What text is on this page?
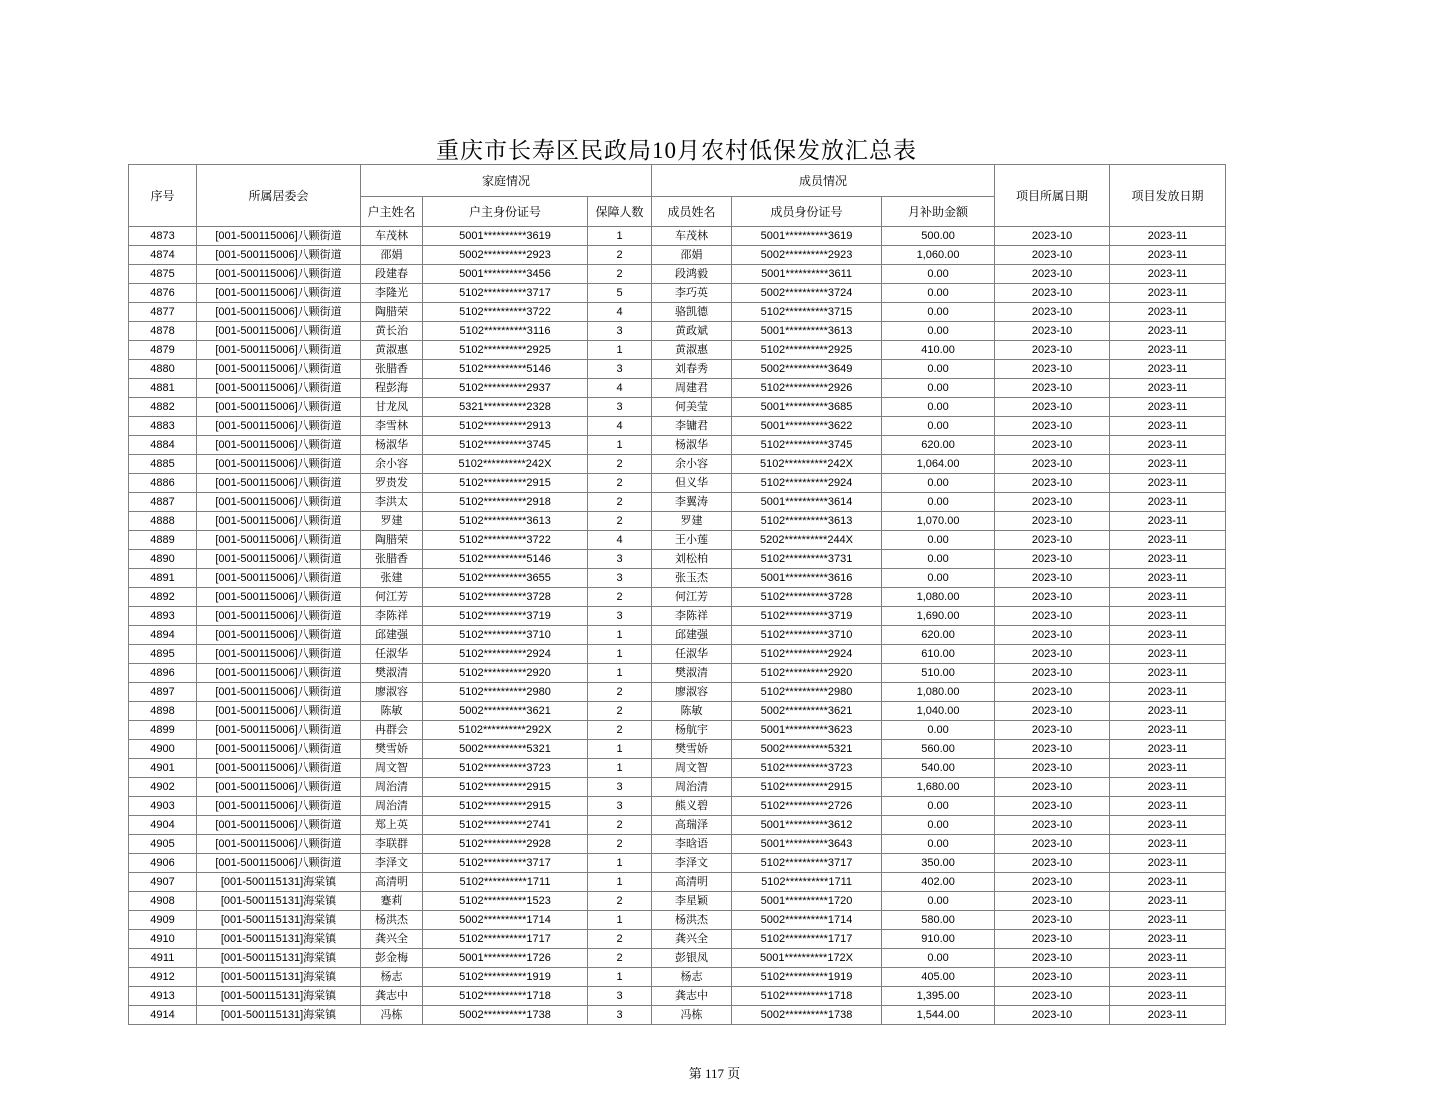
重庆市长寿区民政局10月农村低保发放汇总表
序号	所属居委会	家庭情况			成员情况			项目所属日期	项目发放日期
		户主姓名	户主身份证号	保障人数	成员姓名	成员身份证号	月补助金额		
4873	[001-500115006]八颗街道	车茂林	5001**********3619	1	车茂林	5001**********3619	500.00	2023-10	2023-11
4874	[001-500115006]八颗街道	邵娟	5002**********2923	2	邵娟	5002**********2923	1,060.00	2023-10	2023-11
4875	[001-500115006]八颗街道	段建春	5001**********3456	2	段鸿毅	5001**********3611	0.00	2023-10	2023-11
4876	[001-500115006]八颗街道	李隆光	5102**********3717	5	李巧英	5002**********3724	0.00	2023-10	2023-11
4877	[001-500115006]八颗街道	陶腊荣	5102**********3722	4	骆凯德	5102**********3715	0.00	2023-10	2023-11
4878	[001-500115006]八颗街道	黄长治	5102**********3116	3	黄政斌	5001**********3613	0.00	2023-10	2023-11
4879	[001-500115006]八颗街道	黄淑惠	5102**********2925	1	黄淑惠	5102**********2925	410.00	2023-10	2023-11
4880	[001-500115006]八颗街道	张腊香	5102**********5146	3	刘春秀	5002**********3649	0.00	2023-10	2023-11
4881	[001-500115006]八颗街道	程彭海	5102**********2937	4	周建君	5102**********2926	0.00	2023-10	2023-11
4882	[001-500115006]八颗街道	甘龙凤	5321**********2328	3	何美莹	5001**********3685	0.00	2023-10	2023-11
4883	[001-500115006]八颗街道	李雪林	5102**********2913	4	李镛君	5001**********3622	0.00	2023-10	2023-11
4884	[001-500115006]八颗街道	杨淑华	5102**********3745	1	杨淑华	5102**********3745	620.00	2023-10	2023-11
4885	[001-500115006]八颗街道	余小容	5102**********242X	2	余小容	5102**********242X	1,064.00	2023-10	2023-11
4886	[001-500115006]八颗街道	罗贵发	5102**********2915	2	但义华	5102**********2924	0.00	2023-10	2023-11
4887	[001-500115006]八颗街道	李洪太	5102**********2918	2	李翼涛	5001**********3614	0.00	2023-10	2023-11
4888	[001-500115006]八颗街道	罗建	5102**********3613	2	罗建	5102**********3613	1,070.00	2023-10	2023-11
4889	[001-500115006]八颗街道	陶腊荣	5102**********3722	4	王小莲	5202**********244X	0.00	2023-10	2023-11
4890	[001-500115006]八颗街道	张腊香	5102**********5146	3	刘松柏	5102**********3731	0.00	2023-10	2023-11
4891	[001-500115006]八颗街道	张建	5102**********3655	3	张玉杰	5001**********3616	0.00	2023-10	2023-11
4892	[001-500115006]八颗街道	何江芳	5102**********3728	2	何江芳	5102**********3728	1,080.00	2023-10	2023-11
4893	[001-500115006]八颗街道	李陈祥	5102**********3719	3	李陈祥	5102**********3719	1,690.00	2023-10	2023-11
4894	[001-500115006]八颗街道	邱建强	5102**********3710	1	邱建强	5102**********3710	620.00	2023-10	2023-11
4895	[001-500115006]八颗街道	任淑华	5102**********2924	1	任淑华	5102**********2924	610.00	2023-10	2023-11
4896	[001-500115006]八颗街道	樊淑清	5102**********2920	1	樊淑清	5102**********2920	510.00	2023-10	2023-11
4897	[001-500115006]八颗街道	廖淑容	5102**********2980	2	廖淑容	5102**********2980	1,080.00	2023-10	2023-11
4898	[001-500115006]八颗街道	陈敏	5002**********3621	2	陈敏	5002**********3621	1,040.00	2023-10	2023-11
4899	[001-500115006]八颗街道	冉群会	5102**********292X	2	杨航宇	5001**********3623	0.00	2023-10	2023-11
4900	[001-500115006]八颗街道	樊雪娇	5002**********5321	1	樊雪娇	5002**********5321	560.00	2023-10	2023-11
4901	[001-500115006]八颗街道	周文智	5102**********3723	1	周文智	5102**********3723	540.00	2023-10	2023-11
4902	[001-500115006]八颗街道	周治清	5102**********2915	3	周治清	5102**********2915	1,680.00	2023-10	2023-11
4903	[001-500115006]八颗街道	周治清	5102**********2915	3	熊义碧	5102**********2726	0.00	2023-10	2023-11
4904	[001-500115006]八颗街道	郑上英	5102**********2741	2	高瑞泽	5001**********3612	0.00	2023-10	2023-11
4905	[001-500115006]八颗街道	李联群	5102**********2928	2	李晗语	5001**********3643	0.00	2023-10	2023-11
4906	[001-500115006]八颗街道	李泽文	5102**********3717	1	李泽文	5102**********3717	350.00	2023-10	2023-11
4907	[001-500115131]海棠镇	高清明	5102**********1711	1	高清明	5102**********1711	402.00	2023-10	2023-11
4908	[001-500115131]海棠镇	蹇莉	5102**********1523	2	李星颖	5001**********1720	0.00	2023-10	2023-11
4909	[001-500115131]海棠镇	杨洪杰	5002**********1714	1	杨洪杰	5002**********1714	580.00	2023-10	2023-11
4910	[001-500115131]海棠镇	龚兴全	5102**********1717	2	龚兴全	5102**********1717	910.00	2023-10	2023-11
4911	[001-500115131]海棠镇	彭金梅	5001**********1726	2	彭银凤	5001**********172X	0.00	2023-10	2023-11
4912	[001-500115131]海棠镇	杨志	5102**********1919	1	杨志	5102**********1919	405.00	2023-10	2023-11
4913	[001-500115131]海棠镇	龚志中	5102**********1718	3	龚志中	5102**********1718	1,395.00	2023-10	2023-11
4914	[001-500115131]海棠镇	冯栋	5002**********1738	3	冯栋	5002**********1738	1,544.00	2023-10	2023-11
第 117 页
